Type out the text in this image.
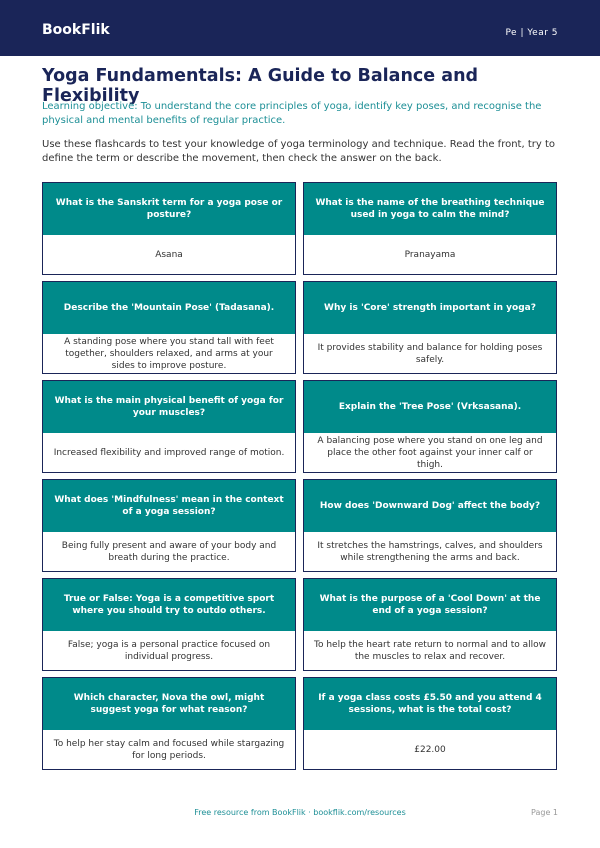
BookFlik	Pe | Year 5
Yoga Fundamentals: A Guide to Balance and Flexibility

Learning objective: To understand the core principles of yoga, identify key poses, and recognise the physical and mental benefits of regular practice.

Use these flashcards to test your knowledge of yoga terminology and technique. Read the front, try to define the term or describe the movement, then check the answer on the back.

What is the Sanskrit term for a yoga pose or posture?
Asana
What is the name of the breathing technique used in yoga to calm the mind?
Pranayama
Describe the 'Mountain Pose' (Tadasana).
A standing pose where you stand tall with feet together, shoulders relaxed, and arms at your sides to improve posture.
Why is 'Core' strength important in yoga?
It provides stability and balance for holding poses safely.
What is the main physical benefit of yoga for your muscles?
Increased flexibility and improved range of motion.
Explain the 'Tree Pose' (Vrksasana).
A balancing pose where you stand on one leg and place the other foot against your inner calf or thigh.
What does 'Mindfulness' mean in the context of a yoga session?
Being fully present and aware of your body and breath during the practice.
How does 'Downward Dog' affect the body?
It stretches the hamstrings, calves, and shoulders while strengthening the arms and back.
True or False: Yoga is a competitive sport where you should try to outdo others.
False; yoga is a personal practice focused on individual progress.
What is the purpose of a 'Cool Down' at the end of a yoga session?
To help the heart rate return to normal and to allow the muscles to relax and recover.
Which character, Nova the owl, might suggest yoga for what reason?
To help her stay calm and focused while stargazing for long periods.
If a yoga class costs £5.50 and you attend 4 sessions, what is the total cost?
£22.00
Free resource from BookFlik · bookflik.com/resources	Page 1
